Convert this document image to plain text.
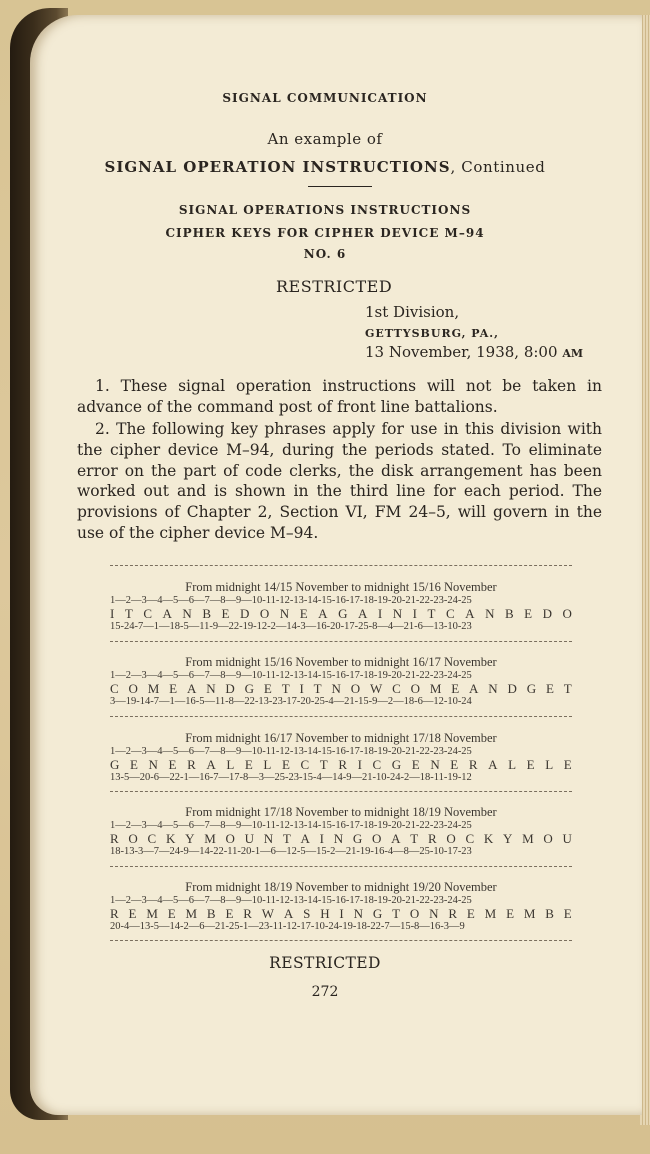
SIGNAL COMMUNICATION
An example of
SIGNAL OPERATION INSTRUCTIONS, Continued
SIGNAL OPERATIONS INSTRUCTIONS
CIPHER KEYS FOR CIPHER DEVICE M–94
NO. 6
RESTRICTED
1st Division,
GETTYSBURG, PA.,
13 November, 1938, 8:00 AM
1. These signal operation instructions will not be taken in advance of the command post of front line battalions.
2. The following key phrases apply for use in this division with the cipher device M–94, during the periods stated. To eliminate error on the part of code clerks, the disk arrangement has been worked out and is shown in the third line for each period. The provisions of Chapter 2, Section VI, FM 24–5, will govern in the use of the cipher device M–94.
From midnight 14/15 November to midnight 15/16 November
1—2—3—4—5—6—7—8—9—10-11-12-13-14-15-16-17-18-19-20-21-22-23-24-25
I T C A N B E D O N E A G A I N I T C A N B E D O
15-24-7—1—18-5—11-9—22-19-12-2—14-3—16-20-17-25-8—4—21-6—13-10-23
From midnight 15/16 November to midnight 16/17 November
1—2—3—4—5—6—7—8—9—10-11-12-13-14-15-16-17-18-19-20-21-22-23-24-25
C O M E A N D G E T I T N O W C O M E A N D G E T
3—19-14-7—1—16-5—11-8—22-13-23-17-20-25-4—21-15-9—2—18-6—12-10-24
From midnight 16/17 November to midnight 17/18 November
1—2—3—4—5—6—7—8—9—10-11-12-13-14-15-16-17-18-19-20-21-22-23-24-25
G E N E R A L E L E C T R I C G E N E R A L E L E
13-5—20-6—22-1—16-7—17-8—3—25-23-15-4—14-9—21-10-24-2—18-11-19-12
From midnight 17/18 November to midnight 18/19 November
1—2—3—4—5—6—7—8—9—10-11-12-13-14-15-16-17-18-19-20-21-22-23-24-25
R O C K Y M O U N T A I N G O A T R O C K Y M O U
18-13-3—7—24-9—14-22-11-20-1—6—12-5—15-2—21-19-16-4—8—25-10-17-23
From midnight 18/19 November to midnight 19/20 November
1—2—3—4—5—6—7—8—9—10-11-12-13-14-15-16-17-18-19-20-21-22-23-24-25
R E M E M B E R W A S H I N G T O N R E M E M B E
20-4—13-5—14-2—6—21-25-1—23-11-12-17-10-24-19-18-22-7—15-8—16-3—9
RESTRICTED
272
